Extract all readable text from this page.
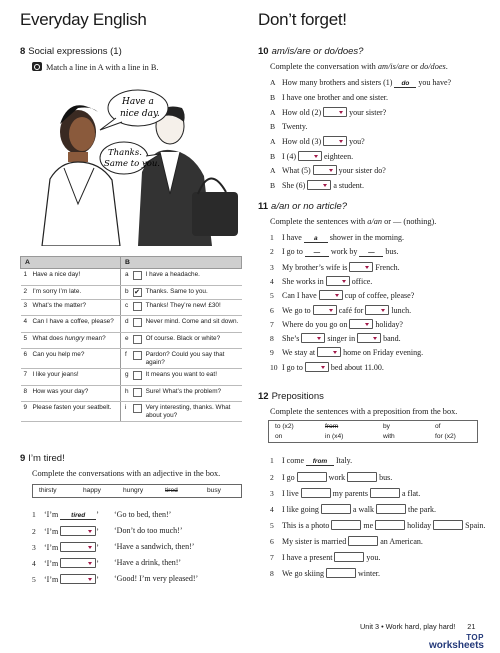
Everyday English	Don’t forget!
8 Social expressions (1)
Match a line in A with a line in B.
Have a
nice day.
Thanks.
Same to you.
A		B		
1	Have a nice day!	a		I have a headache.
2	I’m sorry I’m late.	b	✔	Thanks. Same to you.
3	What’s the matter?	c		Thanks! They’re new! £30!
4	Can I have a coffee, please?	d		Never mind. Come and sit down.
5	What does hungry mean?	e		Of course. Black or white?
6	Can you help me?	f		Pardon? Could you say that again?
7	I like your jeans!	g		It means you want to eat!
8	How was your day?	h		Sure! What’s the problem?
9	Please fasten your seatbelt.	i		Very interesting, thanks. What about you?
9 I’m tired!
Complete the conversations with an adjective in the box.
thirsty	happy	hungry	tired	busy
1 ‘I’m tired ’ ‘Go to bed, then!’
2 ‘I’m	’ ‘Don’t do too much!’
3 ‘I’m	’ ‘Have a sandwich, then!’
4 ‘I’m	’ ‘Have a drink, then!’
5 ‘I’m	’ ‘Good! I’m very pleased!’
10 am/is/are or do/does?
Complete the conversation with am/is/are or do/does.
A How many brothers and sisters (1) do you have?
B I have one brother and one sister.
A How old (2)	your sister?
B Twenty.
A How old (3)	you?
B I (4)	eighteen.
A What (5)	your sister do?
B She (6)	a student.
11 a/an or no article?
Complete the sentences with a/an or — (nothing).
1 I have a shower in the morning.
2 I go to — work by — bus.
3 My brother’s wife is	French.
4 She works in	office.
5 Can I have	cup of coffee, please?
6 We go to	café for	lunch.
7 Where do you go on	holiday?
8 She’s	singer in	band.
9 We stay at	home on Friday evening.
10 I go to	bed about 11.00.
12 Prepositions
Complete the sentences with a preposition from the box.
to (x2)	from	by	of
on	in (x4)	with	for (x2)
1 I come from Italy.
2 I go	work	bus.
3 I live	my parents	a flat.
4 I like going	a walk	the park.
5 This is a photo	me	holiday	Spain.
6 My sister is married	an American.
7 I have a present	you.
8 We go skiing	winter.
Unit 3 • Work hard, play hard! 21
TOP
worksheets
